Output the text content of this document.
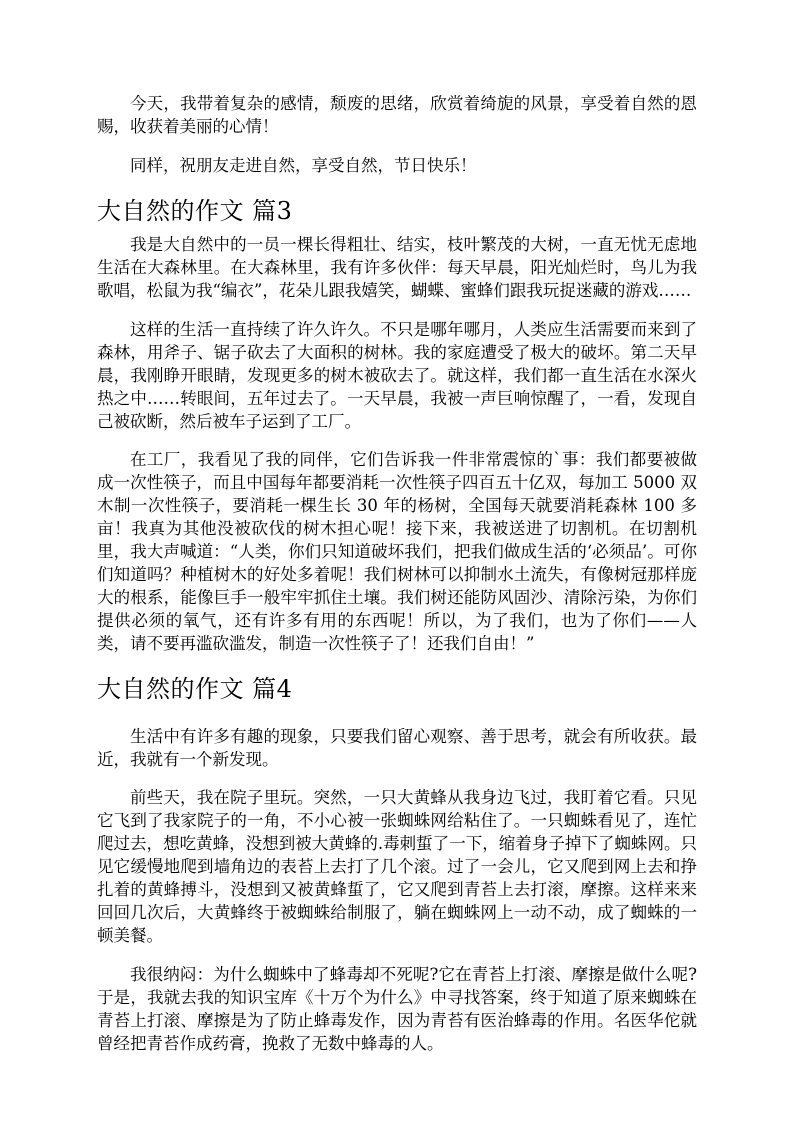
今天，我带着复杂的感情，颓废的思绪，欣赏着绮旎的风景，享受着自然的恩赐，收获着美丽的心情！

同样，祝朋友走进自然，享受自然，节日快乐！

大自然的作文 篇3

我是大自然中的一员一棵长得粗壮、结实，枝叶繁茂的大树，一直无忧无虑地生活在大森林里。在大森林里，我有许多伙伴：每天早晨，阳光灿烂时，鸟儿为我歌唱，松鼠为我“编衣”，花朵儿跟我嬉笑，蝴蝶、蜜蜂们跟我玩捉迷藏的游戏……

这样的生活一直持续了许久许久。不只是哪年哪月，人类应生活需要而来到了森林，用斧子、锯子砍去了大面积的树林。我的家庭遭受了极大的破坏。第二天早晨，我刚睁开眼睛，发现更多的树木被砍去了。就这样，我们都一直生活在水深火热之中……转眼间，五年过去了。一天早晨，我被一声巨响惊醒了，一看，发现自己被砍断，然后被车子运到了工厂。

在工厂，我看见了我的同伴，它们告诉我一件非常震惊的`事：我们都要被做成一次性筷子，而且中国每年都要消耗一次性筷子四百五十亿双，每加工 5000 双木制一次性筷子，要消耗一棵生长 30 年的杨树，全国每天就要消耗森林 100 多亩！我真为其他没被砍伐的树木担心呢！接下来，我被送进了切割机。在切割机里，我大声喊道：“人类，你们只知道破坏我们，把我们做成生活的‘必须品’。可你们知道吗？种植树木的好处多着呢！我们树林可以抑制水土流失，有像树冠那样庞大的根系，能像巨手一般牢牢抓住土壤。我们树还能防风固沙、清除污染，为你们提供必须的氧气，还有许多有用的东西呢！所以，为了我们，也为了你们——人类，请不要再滥砍滥发，制造一次性筷子了！还我们自由！”

大自然的作文 篇4

生活中有许多有趣的现象，只要我们留心观察、善于思考，就会有所收获。最近，我就有一个新发现。

前些天，我在院子里玩。突然，一只大黄蜂从我身边飞过，我盯着它看。只见它飞到了我家院子的一角，不小心被一张蜘蛛网给粘住了。一只蜘蛛看见了，连忙爬过去，想吃黄蜂，没想到被大黄蜂的.毒刺蜇了一下，缩着身子掉下了蜘蛛网。只见它缓慢地爬到墙角边的表苔上去打了几个滚。过了一会儿，它又爬到网上去和挣扎着的黄蜂搏斗，没想到又被黄蜂蜇了，它又爬到青苔上去打滚，摩擦。这样来来回回几次后，大黄蜂终于被蜘蛛给制服了，躺在蜘蛛网上一动不动，成了蜘蛛的一顿美餐。

我很纳闷：为什么蜘蛛中了蜂毒却不死呢?它在青苔上打滚、摩擦是做什么呢?于是，我就去我的知识宝库《十万个为什么》中寻找答案，终于知道了原来蜘蛛在青苔上打滚、摩擦是为了防止蜂毒发作，因为青苔有医治蜂毒的作用。名医华佗就曾经把青苔作成药膏，挽救了无数中蜂毒的人。
